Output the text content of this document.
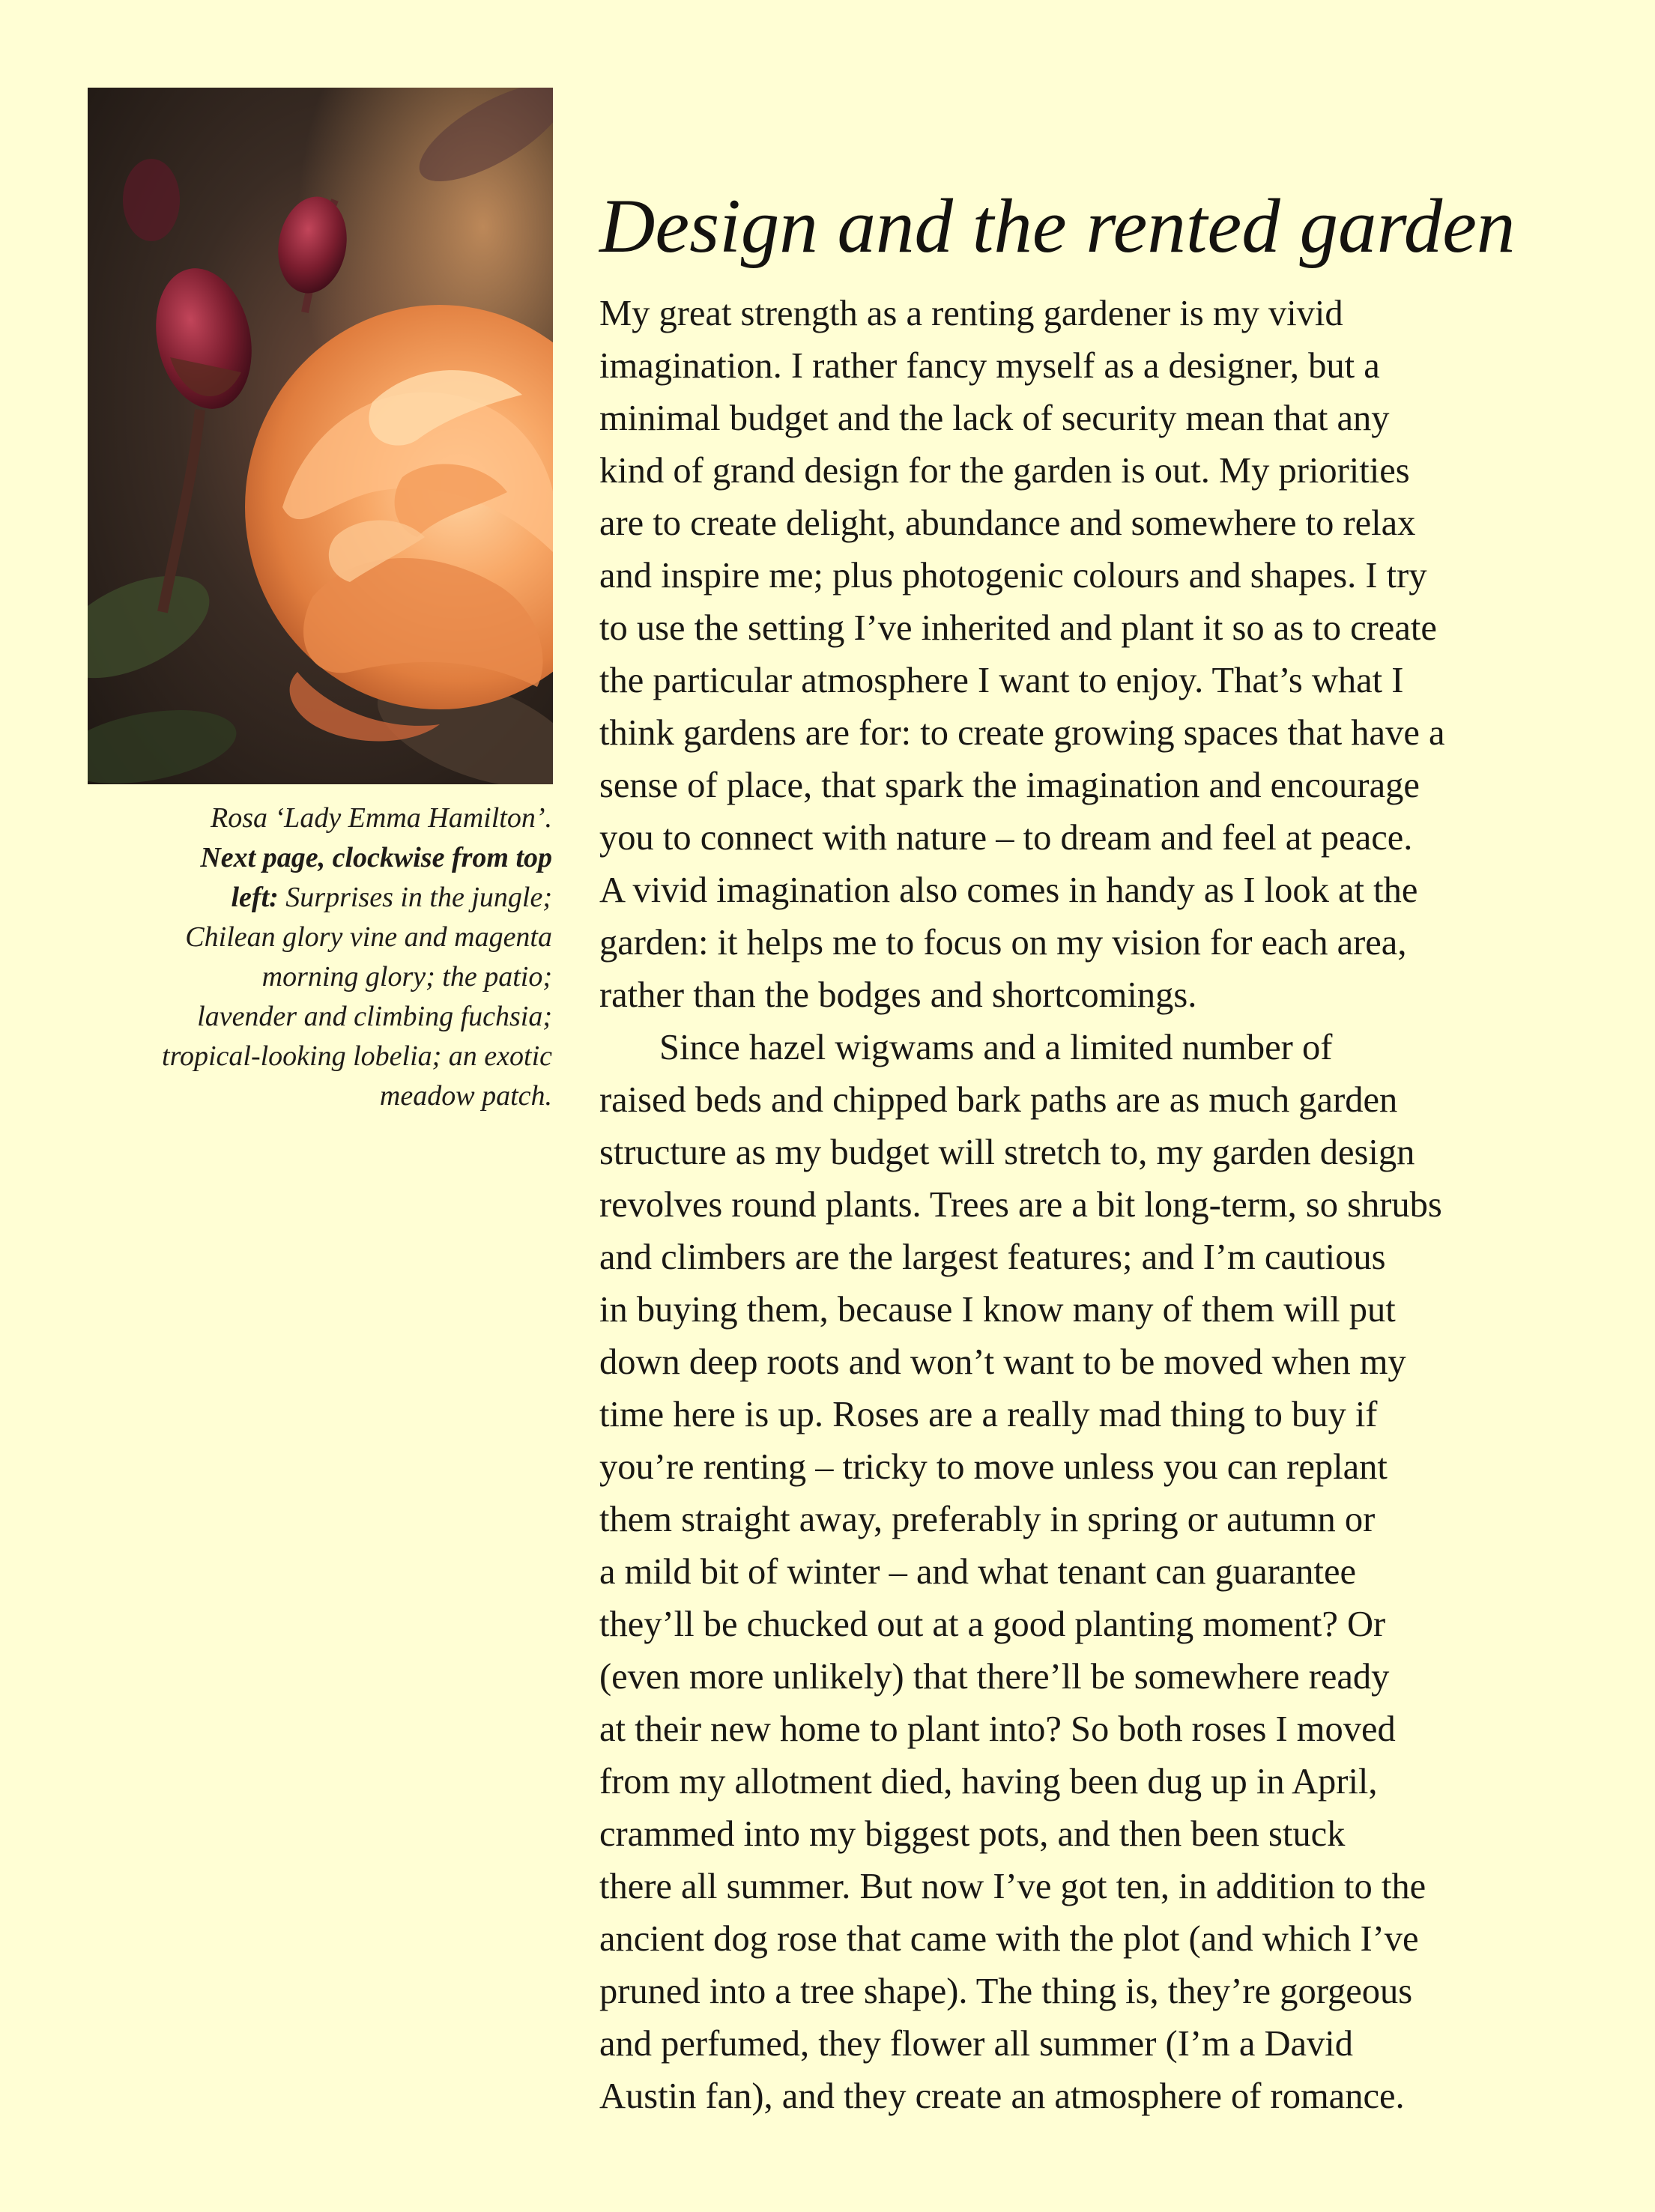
Rosa ‘Lady Emma Hamilton’.
Next page, clockwise from top
left: Surprises in the jungle;
Chilean glory vine and magenta
morning glory; the patio;
lavender and climbing fuchsia;
tropical-looking lobelia; an exotic
meadow patch.
Design and the rented garden
My great strength as a renting gardener is my vivid
imagination. I rather fancy myself as a designer, but a
minimal budget and the lack of security mean that any
kind of grand design for the garden is out. My priorities
are to create delight, abundance and somewhere to relax
and inspire me; plus photogenic colours and shapes. I try
to use the setting I’ve inherited and plant it so as to create
the particular atmosphere I want to enjoy. That’s what I
think gardens are for: to create growing spaces that have a
sense of place, that spark the imagination and encourage
you to connect with nature – to dream and feel at peace.
A vivid imagination also comes in handy as I look at the
garden: it helps me to focus on my vision for each area,
rather than the bodges and shortcomings.
Since hazel wigwams and a limited number of
raised beds and chipped bark paths are as much garden
structure as my budget will stretch to, my garden design
revolves round plants. Trees are a bit long-term, so shrubs
and climbers are the largest features; and I’m cautious
in buying them, because I know many of them will put
down deep roots and won’t want to be moved when my
time here is up. Roses are a really mad thing to buy if
you’re renting – tricky to move unless you can replant
them straight away, preferably in spring or autumn or
a mild bit of winter – and what tenant can guarantee
they’ll be chucked out at a good planting moment? Or
(even more unlikely) that there’ll be somewhere ready
at their new home to plant into? So both roses I moved
from my allotment died, having been dug up in April,
crammed into my biggest pots, and then been stuck
there all summer. But now I’ve got ten, in addition to the
ancient dog rose that came with the plot (and which I’ve
pruned into a tree shape). The thing is, they’re gorgeous
and perfumed, they flower all summer (I’m a David
Austin fan), and they create an atmosphere of romance.
